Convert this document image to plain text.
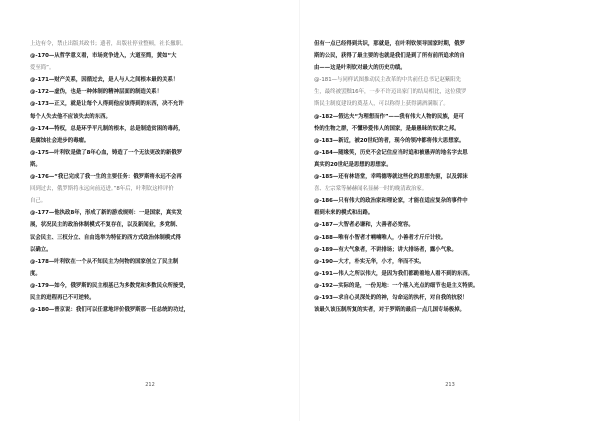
上边有令，禁止出版其政书；遗者，出版社停业整顿，社长撤职。
@-170—从哲学意义看，市场竞争进入，大道至简，黄如“大
爱至简”。
@-171—财产关系，因循过去，是人与人之间根本最的关系！
@-172—虚伪，也是一种体制的精神层面的制造关系！
@-173—正义，就是让每个人得到他应该得到的东西，决不允许
每个人失去他不应该失去的东西。
@-174—特权，总是环乎平凡制的根本，总是制造贫困的毒药，
是腐蚀社会进步的毒瘤。
@-175—叶利钦是做了8年心血，铸造了一个无法更改的新俄罗
斯。
@-176—“我已完成了我一生的主要任务：俄罗斯将永远不会再
回到过去，俄罗斯将永远向前迈进。”8年后，叶利钦这样评价
自己。
@-177—他执政8年，形成了新的游戏规则：一是国家，真实发
展，状况民主的政治体制模式不复存在，以及新闻业，多党制、
议会民主、三权分立、自由选举为特征的西方式政治体制模式得
以确立。
@-178—叶利钦在一个从不知民主为何物的国家创立了民主制
度。
@-179—如今，俄罗斯的民主根基已为多数党和多数民众所接受，
民主的进程再已不可逆转。
@-180—普京说：我们可以任意地评价俄罗斯那一任总统的功过，
212
但有一点已经得到共识，那就是，在叶利钦领导国家时期，俄罗
斯的公民，获得了最主要的也就是我们是到了所有前所追求的自
由——这是叶利钦对最大的历史功绩。
@-181—与同样试图推动民主改革的中共前任总书记赵紫阳先
生，最终被罢黜16年，一步不许迈出家门的结局相比，这位俄罗
斯民主制度建设的奠基人，可以称得上获得满酒满瓶了。
@-182—假达夫“为理想而作”——我有伟大人物的民族，是可
怜的生物之群，不懂珍爱伟人的国家，是最愚昧的奴隶之邦。
@-183—新近，被20世纪的者，现今的领冲都将伟大思想家。
@-184—随缘笑，历史不会记住应当时追和被愚弄的地名字去思
真实的20世纪是思想的思想家。
@-185—还有林语堂，幸鸣德等就这些化的思想先驱，以及郭沫
喜、左宗棠等赫赫闻名显赫一时的晚清政治家。
@-186—只有伟大的政治家和理论家，才能在适应复杂的事件中
看到未来的模式和出路。
@-187—大智者必谦和，大善者必宽容。
@-188—唯有小智者才喃喃唯人，小善者才斤斤计较。
@-189—有大气象者，不讲排场；讲大排场者，露小气象。
@-190—大才，朴实无华，小才，华而不实。
@-191—伟人之所以伟大，是因为我们都跪着地人看不到的东西。
@-192—实际的是，一份见地：一个落入光点的细节也是主义特质。
@-193—求自心灵深处的的神，勾命运的执杆，对自我的抗驳！
该最久该压制所复的实者，对于罗斯的最后一点几国专场极掉。
213
